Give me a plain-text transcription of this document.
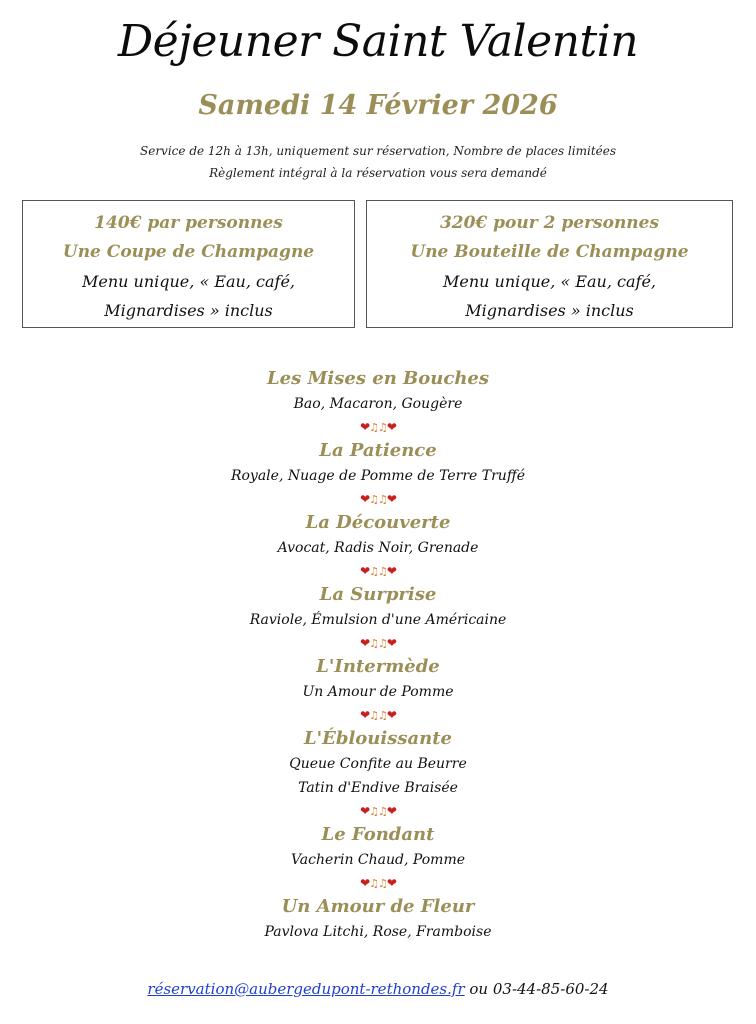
Déjeuner Saint Valentin
Samedi 14 Février 2026
Service de 12h à 13h, uniquement sur réservation, Nombre de places limitées
Règlement intégral à la réservation vous sera demandé
140€ par personnes
Une Coupe de Champagne
Menu unique, « Eau, café,
Mignardises » inclus
320€ pour 2 personnes
Une Bouteille de Champagne
Menu unique, « Eau, café,
Mignardises » inclus
Les Mises en Bouches
Bao, Macaron, Gougère
❤♫♫❤
La Patience
Royale, Nuage de Pomme de Terre Truffé
❤♫♫❤
La Découverte
Avocat, Radis Noir, Grenade
❤♫♫❤
La Surprise
Raviole, Émulsion d'une Américaine
❤♫♫❤
L'Intermède
Un Amour de Pomme
❤♫♫❤
L'Éblouissante
Queue Confite au Beurre
Tatin d'Endive Braisée
❤♫♫❤
Le Fondant
Vacherin Chaud, Pomme
❤♫♫❤
Un Amour de Fleur
Pavlova Litchi, Rose, Framboise
réservation@aubergedupont-rethondes.fr ou 03-44-85-60-24
